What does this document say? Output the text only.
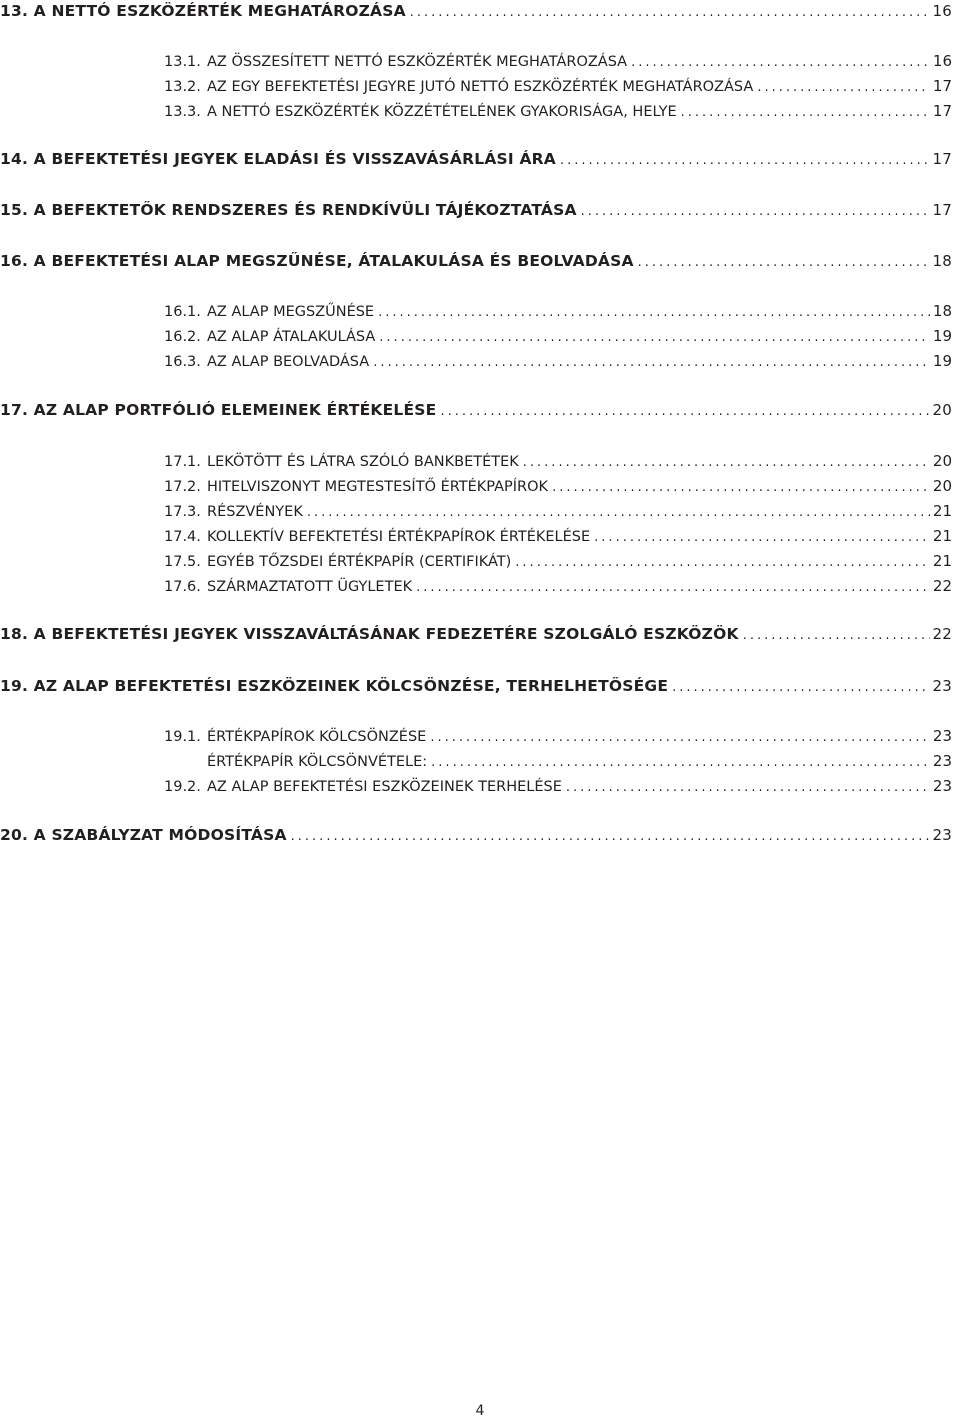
13. A NETTÓ ESZKÖZÉRTÉK MEGHATÁROZÁSA .....	16
13.1. AZ ÖSSZESÍTETT NETTÓ ESZKÖZÉRTÉK MEGHATÁROZÁSA .....	16
13.2. AZ EGY BEFEKTETÉSI JEGYRE JUTÓ NETTÓ ESZKÖZÉRTÉK MEGHATÁROZÁSA .....	17
13.3. A NETTÓ ESZKÖZÉRTÉK KÖZZÉTÉTELÉNEK GYAKORISÁGA, HELYE .....	17
14. A BEFEKTETÉSI JEGYEK ELADÁSI ÉS VISSZAVÁSÁRLÁSI ÁRA .....	17
15. A BEFEKTETŐK RENDSZERES ÉS RENDKÍVÜLI TÁJÉKOZTATÁSA .....	17
16. A BEFEKTETÉSI ALAP MEGSZŰNÉSE, ÁTALAKULÁSA ÉS BEOLVADÁSA .....	18
16.1. AZ ALAP MEGSZŰNÉSE .....	18
16.2. AZ ALAP ÁTALAKULÁSA .....	19
16.3. AZ ALAP BEOLVADÁSA .....	19
17. AZ ALAP PORTFÓLIÓ ELEMEINEK ÉRTÉKELÉSE .....	20
17.1. LEKÖTÖTT ÉS LÁTRA SZÓLÓ BANKBETÉTEK .....	20
17.2. HITELVISZONYT MEGTESTESÍTŐ ÉRTÉKPAPÍROK .....	20
17.3. RÉSZVÉNYEK .....	21
17.4. KOLLEKTÍV BEFEKTETÉSI ÉRTÉKPAPÍROK ÉRTÉKELÉSE .....	21
17.5. EGYÉB TŐZSDEI ÉRTÉKPAPÍR (CERTIFIKÁT) .....	21
17.6. SZÁRMAZTATOTT ÜGYLETEK .....	22
18. A BEFEKTETÉSI JEGYEK VISSZAVÁLTÁSÁNAK FEDEZETÉRE SZOLGÁLÓ ESZKÖZÖK .....	22
19. AZ ALAP BEFEKTETÉSI ESZKÖZEINEK KÖLCSÖNZÉSE, TERHELHETŐSÉGE .....	23
19.1. ÉRTÉKPAPÍROK KÖLCSÖNZÉSE .....	23
ÉRTÉKPAPÍR KÖLCSÖNVÉTELE: .....	23
19.2. AZ ALAP BEFEKTETÉSI ESZKÖZEINEK TERHELÉSE .....	23
20. A SZABÁLYZAT MÓDOSÍTÁSA .....	23
4
